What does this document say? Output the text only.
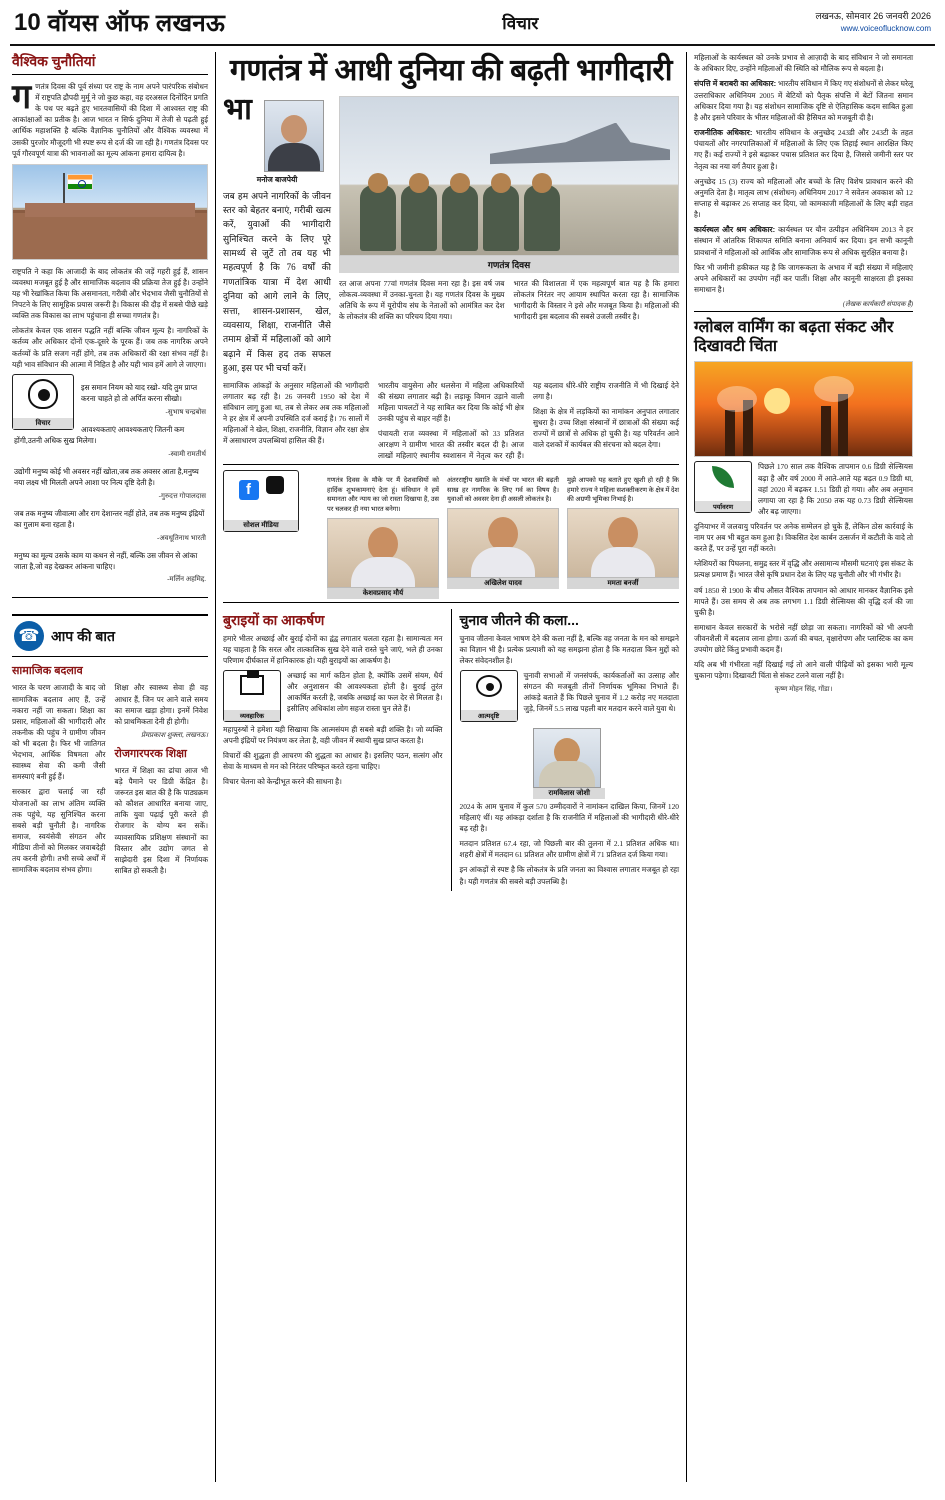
10 वॉयस ऑफ लखनऊ	विचार	लखनऊ, सोमवार 26 जनवरी 2026
www.voiceofl​ucknow.com
वैश्विक चुनौतियां

ग णतंत्र दिवस की पूर्व संध्या पर राष्ट्र के नाम अपने पारंपरिक संबोधन में राष्ट्रपति द्रौपदी मुर्मू ने जो कुछ कहा, वह दरअसल दिनोंदिन प्रगति के पथ पर बढ़ते हुए भारतवासियों की दिशा में आश्वस्त राष्ट्र की आकांक्षाओं का प्रतीक है। आज भारत न सिर्फ दुनिया में तेजी से पढ़ती हुई आर्थिक महाशक्ति है बल्कि वैज्ञानिक चुनौतियों और वैश्विक व्यवस्था में उसकी पुरजोर मौजूदगी भी स्पष्ट रूप से दर्ज की जा रही है। गणतंत्र दिवस पर पूर्व गौरवपूर्ण यात्रा की भावनाओं का मूल्य आंकना हमारा दायित्व है।

राष्ट्रपति ने कहा कि आजादी के बाद लोकतंत्र की जड़ें गहरी हुई हैं, शासन व्यवस्था मजबूत हुई है और सामाजिक बदलाव की प्रक्रिया तेज हुई है। उन्होंने यह भी रेखांकित किया कि असमानता, गरीबी और भेदभाव जैसी चुनौतियों से निपटने के लिए सामूहिक प्रयास जरूरी है। विकास की दौड़ में सबसे पीछे खड़े व्यक्ति तक विकास का लाभ पहुंचाना ही सच्चा गणतंत्र है।

लोकतंत्र केवल एक शासन पद्धति नहीं बल्कि जीवन मूल्य है। नागरिकों के कर्तव्य और अधिकार दोनों एक-दूसरे के पूरक हैं। जब तक नागरिक अपने कर्तव्यों के प्रति सजग नहीं होंगे, तब तक अधिकारों की रक्षा संभव नहीं है। यही भाव संविधान की आत्मा में निहित है और यही भाव हमें आगे ले जाएगा।

विचार

इस समान नियम को याद रखो- यदि तुम प्राप्त करना चाहते हो तो अर्पित करना सीखो।

-सुभाष चन्द्रबोस

आवश्यकताएं आवश्यकताएं जितनी कम होंगी,उतनी अधिक सुख मिलेगा।

-स्वामी रामतीर्थ

उद्योगी मनुष्य कोई भी अवसर नहीं खोता,जब तक अवसर आता है,मनुष्य नया लक्ष्य भी मिलती अपने आशा पर नित्य दृष्टि देती है।

-गुरुदत्त गोपालदास

जब तक मनुष्य जीवात्मा और राग देशान्तर नहीं होते, तब तक मनुष्य इंद्रियों का गुलाम बना रहता है।

-अवधूतिनाथ भारती

मनुष्य का मूल्य उसके काम या कथन से नहीं, बल्कि उस जीवन से आंका जाता है,जो वह देखकर आंकना चाहिए।

-मर्लिन अहमिद्द.
☎
आप की बात
सामाजिक बदलाव

भारत के चरण आजादी के बाद जो सामाजिक बदलाव आए हैं, उन्हें नकारा नहीं जा सकता। शिक्षा का प्रसार, महिलाओं की भागीदारी और तकनीक की पहुंच ने ग्रामीण जीवन को भी बदला है। फिर भी जातिगत भेदभाव, आर्थिक विषमता और स्वास्थ्य सेवा की कमी जैसी समस्याएं बनी हुई हैं।

सरकार द्वारा चलाई जा रही योजनाओं का लाभ अंतिम व्यक्ति तक पहुंचे, यह सुनिश्चित करना सबसे बड़ी चुनौती है। नागरिक समाज, स्वयंसेवी संगठन और मीडिया तीनों को मिलकर जवाबदेही तय करनी होगी। तभी सच्चे अर्थों में सामाजिक बदलाव संभव होगा।

शिक्षा और स्वास्थ्य सेवा ही वह आधार हैं, जिन पर आने वाले समय का समाज खड़ा होगा। इनमें निवेश को प्राथमिकता देनी ही होगी।

प्रेमप्रकाश शुक्ला, लखनऊ।
रोजगारपरक शिक्षा

भारत में शिक्षा का ढांचा आज भी बड़े पैमाने पर डिग्री केंद्रित है। जरूरत इस बात की है कि पाठ्यक्रम को कौशल आधारित बनाया जाए, ताकि युवा पढ़ाई पूरी करते ही रोजगार के योग्य बन सकें। व्यावसायिक प्रशिक्षण संस्थानों का विस्तार और उद्योग जगत से साझेदारी इस दिशा में निर्णायक साबित हो सकती है।

गणतंत्र में आधी दुनिया की बढ़ती भागीदारी
भा
मनोज बाजपेयी
जब हम अपने नागरिकों के जीवन स्तर को बेहतर बनाएं, गरीबी खत्म करें, युवाओं की भागीदारी सुनिश्चित करने के लिए पूरे सामर्थ्य से जुटें तो तब यह भी महत्वपूर्ण है कि 76 वर्षों की गणतांत्रिक यात्रा में देश आधी दुनिया को आगे लाने के लिए, सत्ता, शासन-प्रशासन, खेल, व्यवसाय, शिक्षा, राजनीति जैसे तमाम क्षेत्रों में महिलाओं को आगे बढ़ाने में किस हद तक सफल हुआ, इस पर भी चर्चा करें।
गणतंत्र दिवस

रत आज अपना 77वां गणतंत्र दिवस मना रहा है। इस वर्ष जब लोकत्व-व्यवस्था में उनका-चुनता है। यह गणतंत्र दिवस के मुख्य अतिथि के रूप में यूरोपीय संघ के नेताओं को आमंत्रित कर देश के लोकतंत्र की शक्ति का परिचय दिया गया।

भारत की विशालता में एक महत्वपूर्ण बात यह है कि हमारा लोकतंत्र निरंतर नए आयाम स्थापित करता रहा है। सामाजिक भागीदारी के विस्तार ने इसे और मजबूत किया है। महिलाओं की भागीदारी इस बदलाव की सबसे उजली तस्वीर है।

सामाजिक आंकड़ों के अनुसार महिलाओं की भागीदारी लगातार बढ़ रही है। 26 जनवरी 1950 को देश में संविधान लागू हुआ था, तब से लेकर अब तक महिलाओं ने हर क्षेत्र में अपनी उपस्थिति दर्ज कराई है। 76 सालों में महिलाओं ने खेल, शिक्षा, राजनीति, विज्ञान और रक्षा क्षेत्र में असाधारण उपलब्धियां हासिल की हैं।

भारतीय वायुसेना और थलसेना में महिला अधिकारियों की संख्या लगातार बढ़ी है। लड़ाकू विमान उड़ाने वाली महिला पायलटों ने यह साबित कर दिया कि कोई भी क्षेत्र उनकी पहुंच से बाहर नहीं है।

पंचायती राज व्यवस्था में महिलाओं को 33 प्रतिशत आरक्षण ने ग्रामीण भारत की तस्वीर बदल दी है। आज लाखों महिलाएं स्थानीय स्वशासन में नेतृत्व कर रही हैं। यह बदलाव धीरे-धीरे राष्ट्रीय राजनीति में भी दिखाई देने लगा है।

शिक्षा के क्षेत्र में लड़कियों का नामांकन अनुपात लगातार सुधरा है। उच्च शिक्षा संस्थानों में छात्राओं की संख्या कई राज्यों में छात्रों से अधिक हो चुकी है। यह परिवर्तन आने वाले दशकों में कार्यबल की संरचना को बदल देगा।

f
सोशल मीडिया
गणतंत्र दिवस के मौके पर मैं देशवासियों को हार्दिक शुभकामनाएं देता हूं। संविधान ने हमें समानता और न्याय का जो रास्ता दिखाया है, उस पर चलकर ही नया भारत बनेगा।
केशवप्रसाद मौर्य
अंतरराष्ट्रीय ख्याति के मंचों पर भारत की बढ़ती साख हर नागरिक के लिए गर्व का विषय है। युवाओं को अवसर देना ही असली लोकतंत्र है।
अखिलेश यादव
मुझे आपको यह बताते हुए खुशी हो रही है कि हमारे राज्य ने महिला सशक्तीकरण के क्षेत्र में देश की अग्रणी भूमिका निभाई है।
ममता बनर्जी
बुराइयों का आकर्षण

हमारे भीतर अच्छाई और बुराई दोनों का द्वंद्व लगातार चलता रहता है। सामान्यतः मन यह चाहता है कि सरल और तात्कालिक सुख देने वाले रास्ते चुने जाएं, भले ही उनका परिणाम दीर्घकाल में हानिकारक हो। यही बुराइयों का आकर्षण है।

व्यवहारिक

अच्छाई का मार्ग कठिन होता है, क्योंकि उसमें संयम, धैर्य और अनुशासन की आवश्यकता होती है। बुराई तुरंत आकर्षित करती है, जबकि अच्छाई का फल देर से मिलता है। इसीलिए अधिकांश लोग सहज रास्ता चुन लेते हैं।

महापुरुषों ने हमेशा यही सिखाया कि आत्मसंयम ही सबसे बड़ी शक्ति है। जो व्यक्ति अपनी इंद्रियों पर नियंत्रण कर लेता है, वही जीवन में स्थायी सुख प्राप्त करता है।

विचारों की शुद्धता ही आचरण की शुद्धता का आधार है। इसलिए पठन, सत्संग और सेवा के माध्यम से मन को निरंतर परिष्कृत करते रहना चाहिए।

विचार चेतना को केन्द्रीभूत करने की साधना है।

चुनाव जीतने की कला...

चुनाव जीतना केवल भाषण देने की कला नहीं है, बल्कि वह जनता के मन को समझने का विज्ञान भी है। प्रत्येक प्रत्याशी को यह समझना होता है कि मतदाता किन मुद्दों को लेकर संवेदनशील है।

आत्मदृष्टि

चुनावी सभाओं में जनसंपर्क, कार्यकर्ताओं का उत्साह और संगठन की मजबूती तीनों निर्णायक भूमिका निभाते हैं। आंकड़े बताते हैं कि पिछले चुनाव में 1.2 करोड़ नए मतदाता जुड़े, जिनमें 5.5 लाख पहली बार मतदान करने वाले युवा थे।

रामविलास जोशी

2024 के आम चुनाव में कुल 570 उम्मीदवारों ने नामांकन दाखिल किया, जिनमें 120 महिलाएं थीं। यह आंकड़ा दर्शाता है कि राजनीति में महिलाओं की भागीदारी धीरे-धीरे बढ़ रही है।

मतदान प्रतिशत 67.4 रहा, जो पिछली बार की तुलना में 2.1 प्रतिशत अधिक था। शहरी क्षेत्रों में मतदान 61 प्रतिशत और ग्रामीण क्षेत्रों में 71 प्रतिशत दर्ज किया गया।

इन आंकड़ों से स्पष्ट है कि लोकतंत्र के प्रति जनता का विश्वास लगातार मजबूत हो रहा है। यही गणतंत्र की सबसे बड़ी उपलब्धि है।

महिलाओं के कार्यस्थल को उनके प्रभाव से आज़ादी के बाद संविधान ने जो समानता के अधिकार दिए, उन्होंने महिलाओं की स्थिति को मौलिक रूप से बदला है।

संपत्ति में बराबरी का अधिकार: भारतीय संविधान में किए गए संशोधनों से लेकर घरेलू उत्तराधिकार अधिनियम 2005 में बेटियों को पैतृक संपत्ति में बेटों जितना समान अधिकार दिया गया है। यह संशोधन सामाजिक दृष्टि से ऐतिहासिक कदम साबित हुआ है और इसने परिवार के भीतर महिलाओं की हैसियत को मजबूती दी है।

राजनीतिक अधिकार: भारतीय संविधान के अनुच्छेद 243डी और 243टी के तहत पंचायतों और नगरपालिकाओं में महिलाओं के लिए एक तिहाई स्थान आरक्षित किए गए हैं। कई राज्यों ने इसे बढ़ाकर पचास प्रतिशत कर दिया है, जिससे जमीनी स्तर पर नेतृत्व का नया वर्ग तैयार हुआ है।

अनुच्छेद 15 (3) राज्य को महिलाओं और बच्चों के लिए विशेष प्रावधान करने की अनुमति देता है। मातृत्व लाभ (संशोधन) अधिनियम 2017 ने सवेतन अवकाश को 12 सप्ताह से बढ़ाकर 26 सप्ताह कर दिया, जो कामकाजी महिलाओं के लिए बड़ी राहत है।

कार्यस्थल और श्रम अधिकार: कार्यस्थल पर यौन उत्पीड़न अधिनियम 2013 ने हर संस्थान में आंतरिक शिकायत समिति बनाना अनिवार्य कर दिया। इन सभी कानूनी प्रावधानों ने महिलाओं को आर्थिक और सामाजिक रूप से अधिक सुरक्षित बनाया है।

फिर भी जमीनी हकीकत यह है कि जागरूकता के अभाव में बड़ी संख्या में महिलाएं अपने अधिकारों का उपयोग नहीं कर पातीं। शिक्षा और कानूनी साक्षरता ही इसका समाधान है।

(लेखक कार्यकारी संपादक है)
ग्लोबल वार्मिंग का बढ़ता संकट और दिखावटी चिंता
पर्यावरण

पिछले 170 साल तक वैश्विक तापमान 0.6 डिग्री सेल्सियस बढ़ा है और वर्ष 2000 में आते-आते यह बढ़त 0.9 डिग्री था, वहां 2020 में बढ़कर 1.51 डिग्री हो गया। और अब अनुमान लगाया जा रहा है कि 2050 तक यह 0.73 डिग्री सेल्सियस और बढ़ जाएगा।

दुनियाभर में जलवायु परिवर्तन पर अनेक सम्मेलन हो चुके हैं, लेकिन ठोस कार्रवाई के नाम पर अब भी बहुत कम हुआ है। विकसित देश कार्बन उत्सर्जन में कटौती के वादे तो करते हैं, पर उन्हें पूरा नहीं करते।

ग्लेशियरों का पिघलना, समुद्र स्तर में वृद्धि और असामान्य मौसमी घटनाएं इस संकट के प्रत्यक्ष प्रमाण हैं। भारत जैसे कृषि प्रधान देश के लिए यह चुनौती और भी गंभीर है।

वर्ष 1850 से 1900 के बीच औसत वैश्विक तापमान को आधार मानकर वैज्ञानिक इसे मापते हैं। उस समय से अब तक लगभग 1.1 डिग्री सेल्सियस की वृद्धि दर्ज की जा चुकी है।

समाधान केवल सरकारों के भरोसे नहीं छोड़ा जा सकता। नागरिकों को भी अपनी जीवनशैली में बदलाव लाना होगा। ऊर्जा की बचत, वृक्षारोपण और प्लास्टिक का कम उपयोग छोटे किंतु प्रभावी कदम हैं।

यदि अब भी गंभीरता नहीं दिखाई गई तो आने वाली पीढ़ियों को इसका भारी मूल्य चुकाना पड़ेगा। दिखावटी चिंता से संकट टलने वाला नहीं है।

कृष्ण मोहन सिंह, गोंडा।
